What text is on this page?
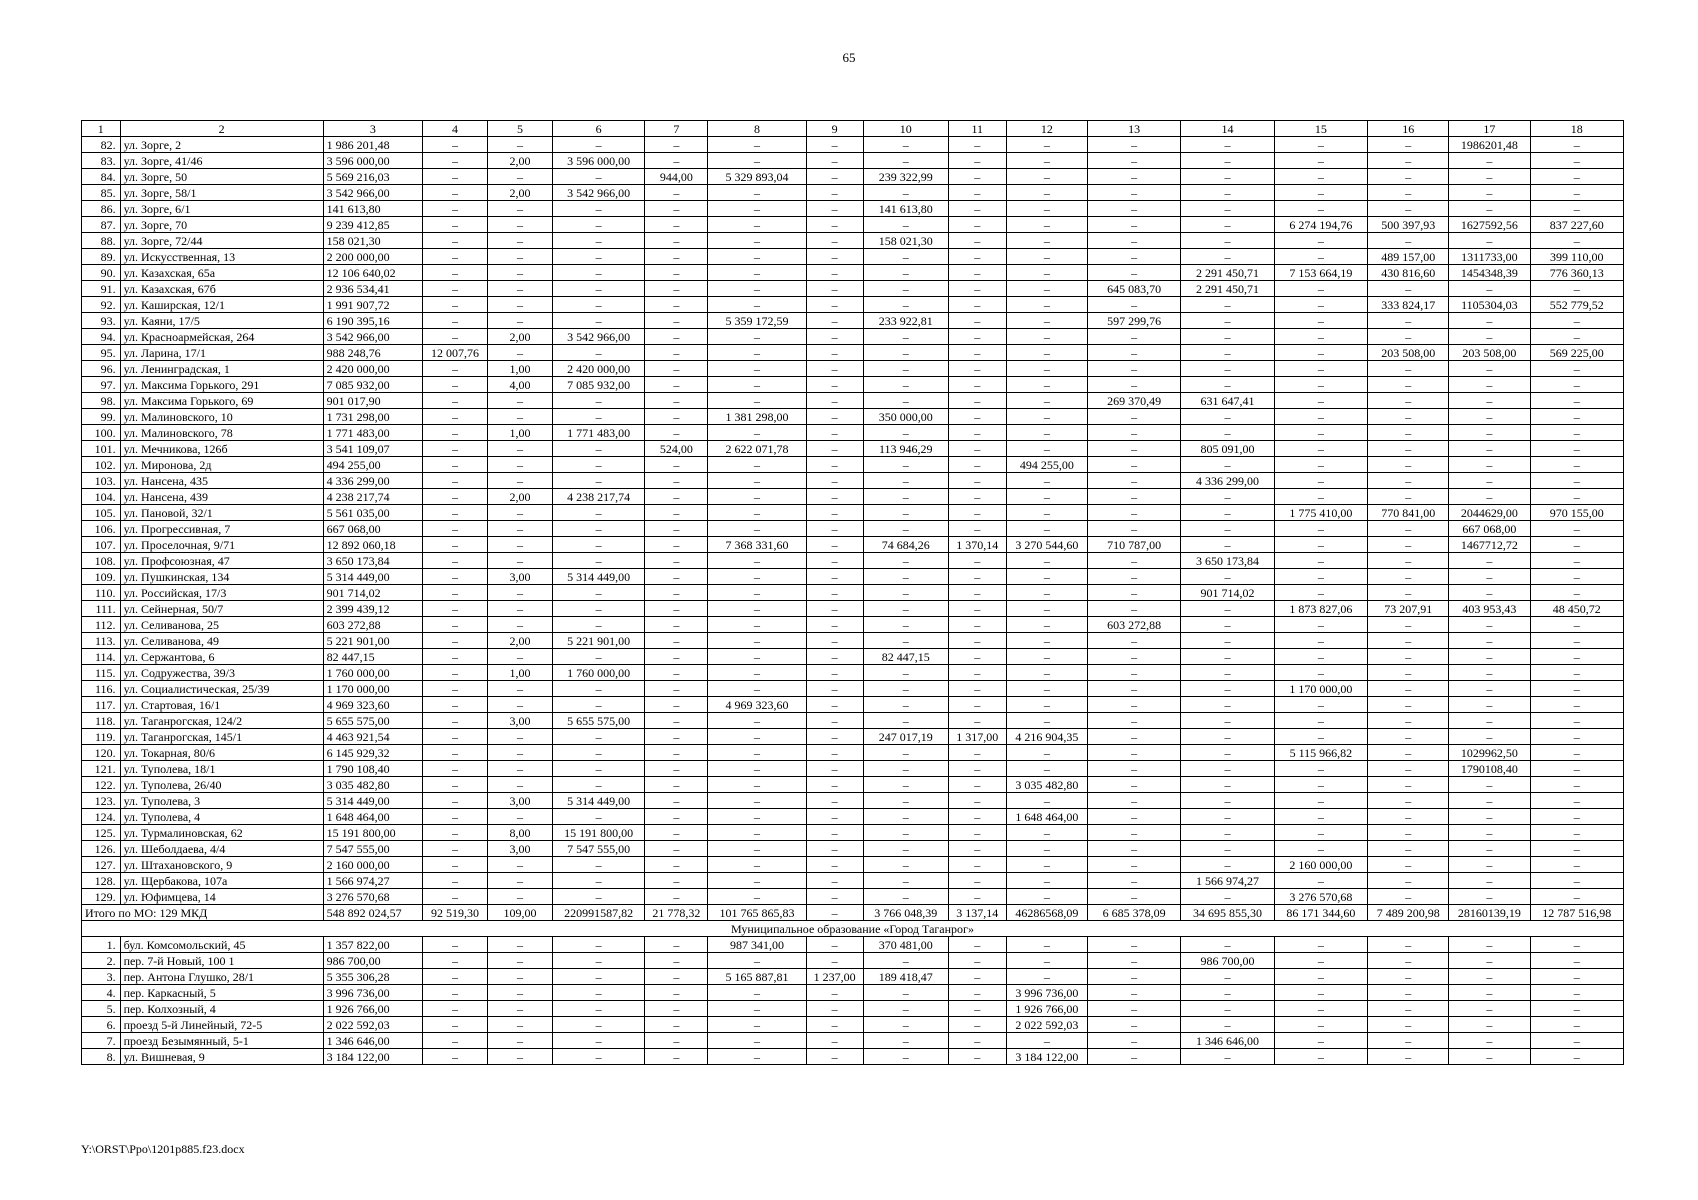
65
1	2	3	4	5	6	7	8	9	10	11	12	13	14	15	16	17	18
82.	ул. Зорге, 2	1 986 201,48	–	–	–	–	–	–	–	–	–	–	–	–	–	1986201,48	–
83.	ул. Зорге, 41/46	3 596 000,00	–	2,00	3 596 000,00	–	–	–	–	–	–	–	–	–	–	–	–
84.	ул. Зорге, 50	5 569 216,03	–	–	–	944,00	5 329 893,04	–	239 322,99	–	–	–	–	–	–	–	–
85.	ул. Зорге, 58/1	3 542 966,00	–	2,00	3 542 966,00	–	–	–	–	–	–	–	–	–	–	–	–
86.	ул. Зорге, 6/1	141 613,80	–	–	–	–	–	–	141 613,80	–	–	–	–	–	–	–	–
87.	ул. Зорге, 70	9 239 412,85	–	–	–	–	–	–	–	–	–	–	–	6 274 194,76	500 397,93	1627592,56	837 227,60
88.	ул. Зорге, 72/44	158 021,30	–	–	–	–	–	–	158 021,30	–	–	–	–	–	–	–	–
89.	ул. Искусственная, 13	2 200 000,00	–	–	–	–	–	–	–	–	–	–	–	–	489 157,00	1311733,00	399 110,00
90.	ул. Казахская, 65а	12 106 640,02	–	–	–	–	–	–	–	–	–	–	2 291 450,71	7 153 664,19	430 816,60	1454348,39	776 360,13
91.	ул. Казахская, 67б	2 936 534,41	–	–	–	–	–	–	–	–	–	645 083,70	2 291 450,71	–	–	–	–
92.	ул. Каширская, 12/1	1 991 907,72	–	–	–	–	–	–	–	–	–	–	–	–	333 824,17	1105304,03	552 779,52
93.	ул. Каяни, 17/5	6 190 395,16	–	–	–	–	5 359 172,59	–	233 922,81	–	–	597 299,76	–	–	–	–	–
94.	ул. Красноармейская, 264	3 542 966,00	–	2,00	3 542 966,00	–	–	–	–	–	–	–	–	–	–	–	–
95.	ул. Ларина, 17/1	988 248,76	12 007,76	–	–	–	–	–	–	–	–	–	–	–	203 508,00	203 508,00	569 225,00
96.	ул. Ленинградская, 1	2 420 000,00	–	1,00	2 420 000,00	–	–	–	–	–	–	–	–	–	–	–	–
97.	ул. Максима Горького, 291	7 085 932,00	–	4,00	7 085 932,00	–	–	–	–	–	–	–	–	–	–	–	–
98.	ул. Максима Горького, 69	901 017,90	–	–	–	–	–	–	–	–	–	269 370,49	631 647,41	–	–	–	–
99.	ул. Малиновского, 10	1 731 298,00	–	–	–	–	1 381 298,00	–	350 000,00	–	–	–	–	–	–	–	–
100.	ул. Малиновского, 78	1 771 483,00	–	1,00	1 771 483,00	–	–	–	–	–	–	–	–	–	–	–	–
101.	ул. Мечникова, 126б	3 541 109,07	–	–	–	524,00	2 622 071,78	–	113 946,29	–	–	–	805 091,00	–	–	–	–
102.	ул. Миронова, 2д	494 255,00	–	–	–	–	–	–	–	–	494 255,00	–	–	–	–	–	–
103.	ул. Нансена, 435	4 336 299,00	–	–	–	–	–	–	–	–	–	–	4 336 299,00	–	–	–	–
104.	ул. Нансена, 439	4 238 217,74	–	2,00	4 238 217,74	–	–	–	–	–	–	–	–	–	–	–	–
105.	ул. Пановой, 32/1	5 561 035,00	–	–	–	–	–	–	–	–	–	–	–	1 775 410,00	770 841,00	2044629,00	970 155,00
106.	ул. Прогрессивная, 7	667 068,00	–	–	–	–	–	–	–	–	–	–	–	–	–	667 068,00	–
107.	ул. Проселочная, 9/71	12 892 060,18	–	–	–	–	7 368 331,60	–	74 684,26	1 370,14	3 270 544,60	710 787,00	–	–	–	1467712,72	–
108.	ул. Профсоюзная, 47	3 650 173,84	–	–	–	–	–	–	–	–	–	–	3 650 173,84	–	–	–	–
109.	ул. Пушкинская, 134	5 314 449,00	–	3,00	5 314 449,00	–	–	–	–	–	–	–	–	–	–	–	–
110.	ул. Российская, 17/3	901 714,02	–	–	–	–	–	–	–	–	–	–	901 714,02	–	–	–	–
111.	ул. Сейнерная, 50/7	2 399 439,12	–	–	–	–	–	–	–	–	–	–	–	1 873 827,06	73 207,91	403 953,43	48 450,72
112.	ул. Селиванова, 25	603 272,88	–	–	–	–	–	–	–	–	–	603 272,88	–	–	–	–	–
113.	ул. Селиванова, 49	5 221 901,00	–	2,00	5 221 901,00	–	–	–	–	–	–	–	–	–	–	–	–
114.	ул. Сержантова, 6	82 447,15	–	–	–	–	–	–	82 447,15	–	–	–	–	–	–	–	–
115.	ул. Содружества, 39/3	1 760 000,00	–	1,00	1 760 000,00	–	–	–	–	–	–	–	–	–	–	–	–
116.	ул. Социалистическая, 25/39	1 170 000,00	–	–	–	–	–	–	–	–	–	–	–	1 170 000,00	–	–	–
117.	ул. Стартовая, 16/1	4 969 323,60	–	–	–	–	4 969 323,60	–	–	–	–	–	–	–	–	–	–
118.	ул. Таганрогская, 124/2	5 655 575,00	–	3,00	5 655 575,00	–	–	–	–	–	–	–	–	–	–	–	–
119.	ул. Таганрогская, 145/1	4 463 921,54	–	–	–	–	–	–	247 017,19	1 317,00	4 216 904,35	–	–	–	–	–	–
120.	ул. Токарная, 80/6	6 145 929,32	–	–	–	–	–	–	–	–	–	–	–	5 115 966,82	–	1029962,50	–
121.	ул. Туполева, 18/1	1 790 108,40	–	–	–	–	–	–	–	–	–	–	–	–	–	1790108,40	–
122.	ул. Туполева, 26/40	3 035 482,80	–	–	–	–	–	–	–	–	3 035 482,80	–	–	–	–	–	–
123.	ул. Туполева, 3	5 314 449,00	–	3,00	5 314 449,00	–	–	–	–	–	–	–	–	–	–	–	–
124.	ул. Туполева, 4	1 648 464,00	–	–	–	–	–	–	–	–	1 648 464,00	–	–	–	–	–	–
125.	ул. Турмалиновская, 62	15 191 800,00	–	8,00	15 191 800,00	–	–	–	–	–	–	–	–	–	–	–	–
126.	ул. Шеболдаева, 4/4	7 547 555,00	–	3,00	7 547 555,00	–	–	–	–	–	–	–	–	–	–	–	–
127.	ул. Штахановского, 9	2 160 000,00	–	–	–	–	–	–	–	–	–	–	–	2 160 000,00	–	–	–
128.	ул. Щербакова, 107а	1 566 974,27	–	–	–	–	–	–	–	–	–	–	1 566 974,27	–	–	–	–
129.	ул. Юфимцева, 14	3 276 570,68	–	–	–	–	–	–	–	–	–	–	–	3 276 570,68	–	–	–
Итого по МО: 129 МКД		548 892 024,57	92 519,30	109,00	220991587,82	21 778,32	101 765 865,83	–	3 766 048,39	3 137,14	46286568,09	6 685 378,09	34 695 855,30	86 171 344,60	7 489 200,98	28160139,19	12 787 516,98
Муниципальное образование «Город Таганрог»																	
1.	бул. Комсомольский, 45	1 357 822,00	–	–	–	–	987 341,00	–	370 481,00	–	–	–	–	–	–	–	–
2.	пер. 7-й Новый, 100 1	986 700,00	–	–	–	–	–	–	–	–	–	–	986 700,00	–	–	–	–
3.	пер. Антона Глушко, 28/1	5 355 306,28	–	–	–	–	5 165 887,81	1 237,00	189 418,47	–	–	–	–	–	–	–	–
4.	пер. Каркасный, 5	3 996 736,00	–	–	–	–	–	–	–	–	3 996 736,00	–	–	–	–	–	–
5.	пер. Колхозный, 4	1 926 766,00	–	–	–	–	–	–	–	–	1 926 766,00	–	–	–	–	–	–
6.	проезд 5-й Линейный, 72-5	2 022 592,03	–	–	–	–	–	–	–	–	2 022 592,03	–	–	–	–	–	–
7.	проезд Безымянный, 5-1	1 346 646,00	–	–	–	–	–	–	–	–	–	–	1 346 646,00	–	–	–	–
8.	ул. Вишневая, 9	3 184 122,00	–	–	–	–	–	–	–	–	3 184 122,00	–	–	–	–	–	–
Y:\ORST\Ppo\1201p885.f23.docx
